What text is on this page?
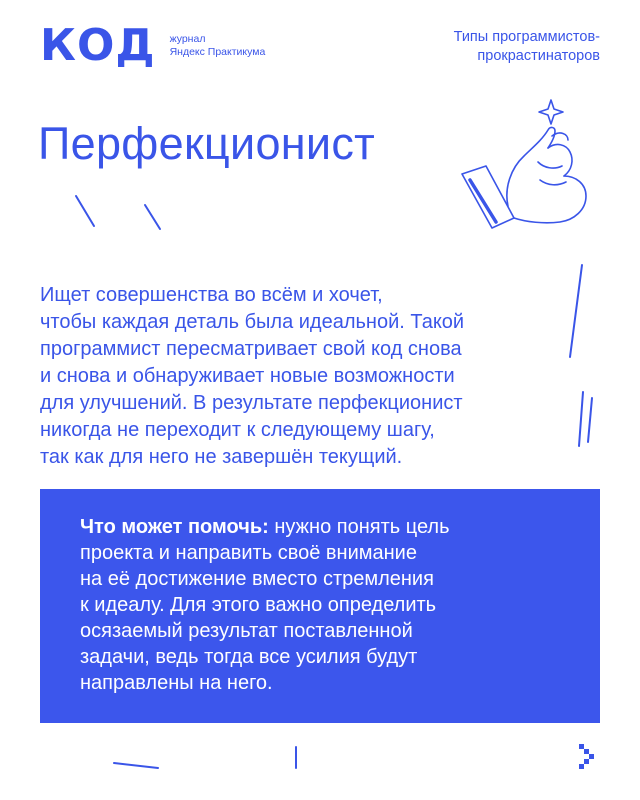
КОД журнал
Яндекс Практикума
Типы программистов-
прокрастинаторов
Перфекционист
Ищет совершенства во всём и хочет,
чтобы каждая деталь была идеальной. Такой
программист пересматривает свой код снова
и снова и обнаруживает новые возможности
для улучшений. В результате перфекционист
никогда не переходит к следующему шагу,
так как для него не завершён текущий.
Что может помочь: нужно понять цель
проекта и направить своё внимание
на её достижение вместо стремления
к идеалу. Для этого важно определить
осязаемый результат поставленной
задачи, ведь тогда все усилия будут
направлены на него.
